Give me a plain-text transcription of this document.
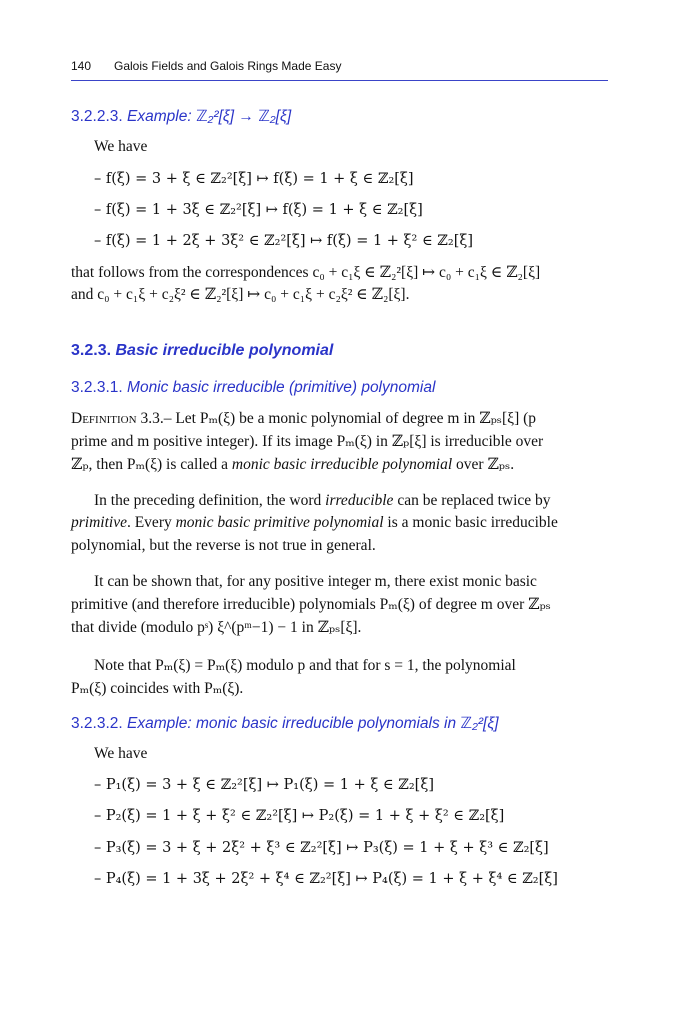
140 Galois Fields and Galois Rings Made Easy
3.2.2.3. Example: ℤ₂²[ξ] → ℤ₂[ξ]
We have
– f(ξ) = 3 + ξ ∈ ℤ₂²[ξ] ↦ f(ξ) = 1 + ξ ∈ ℤ₂[ξ]
– f(ξ) = 1 + 3ξ ∈ ℤ₂²[ξ] ↦ f(ξ) = 1 + ξ ∈ ℤ₂[ξ]
– f(ξ) = 1 + 2ξ + 3ξ² ∈ ℤ₂²[ξ] ↦ f(ξ) = 1 + ξ² ∈ ℤ₂[ξ]
that follows from the correspondences c₀ + c₁ξ ∈ ℤ₂²[ξ] ↦ c₀ + c₁ξ ∈ ℤ₂[ξ]
and c₀ + c₁ξ + c₂ξ² ∈ ℤ₂²[ξ] ↦ c₀ + c₁ξ + c₂ξ² ∈ ℤ₂[ξ].
3.2.3. Basic irreducible polynomial
3.2.3.1. Monic basic irreducible (primitive) polynomial
Definition 3.3.– Let Pₘ(ξ) be a monic polynomial of degree m in ℤₚₛ[ξ] (p
prime and m positive integer). If its image Pₘ(ξ) in ℤₚ[ξ] is irreducible over
ℤₚ, then Pₘ(ξ) is called a monic basic irreducible polynomial over ℤₚₛ.
In the preceding definition, the word irreducible can be replaced twice by
primitive. Every monic basic primitive polynomial is a monic basic irreducible
polynomial, but the reverse is not true in general.
It can be shown that, for any positive integer m, there exist monic basic
primitive (and therefore irreducible) polynomials Pₘ(ξ) of degree m over ℤₚₛ
that divide (modulo pˢ) ξ^(pᵐ−1) − 1 in ℤₚₛ[ξ].
Note that Pₘ(ξ) = Pₘ(ξ) modulo p and that for s = 1, the polynomial
Pₘ(ξ) coincides with Pₘ(ξ).
3.2.3.2. Example: monic basic irreducible polynomials in ℤ₂²[ξ]
We have
– P₁(ξ) = 3 + ξ ∈ ℤ₂²[ξ] ↦ P₁(ξ) = 1 + ξ ∈ ℤ₂[ξ]
– P₂(ξ) = 1 + ξ + ξ² ∈ ℤ₂²[ξ] ↦ P₂(ξ) = 1 + ξ + ξ² ∈ ℤ₂[ξ]
– P₃(ξ) = 3 + ξ + 2ξ² + ξ³ ∈ ℤ₂²[ξ] ↦ P₃(ξ) = 1 + ξ + ξ³ ∈ ℤ₂[ξ]
– P₄(ξ) = 1 + 3ξ + 2ξ² + ξ⁴ ∈ ℤ₂²[ξ] ↦ P₄(ξ) = 1 + ξ + ξ⁴ ∈ ℤ₂[ξ]
